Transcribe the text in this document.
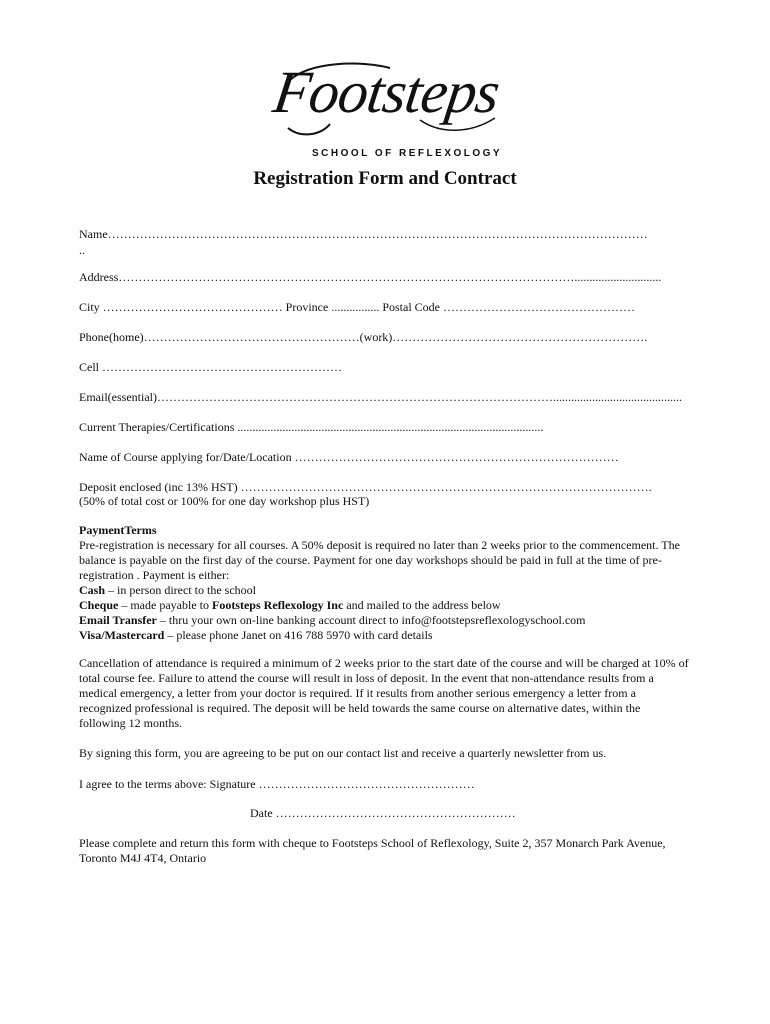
Footsteps
SCHOOL OF REFLEXOLOGY
Registration Form and Contract
Name………………………………………………………………………………………………………………………
..
Address…………………………………………………………………………………………………….............................
City ……………………………………… Province ................ Postal Code …………………………………………
Phone(home)………………………………………………(work)……………………………………………………….
Cell ……………………………………………………
Email(essential)………………………………………………………………………………………...........................................
Current Therapies/Certifications ......................................................................................................
Name of Course applying for/Date/Location ………………………………………………………………………
Deposit enclosed (inc 13% HST) ………………………………………………………………………………………….
(50% of total cost or 100% for one day workshop plus HST)

PaymentTerms

Pre-registration is necessary for all courses. A 50% deposit is required no later than 2 weeks prior to the commencement. The balance is payable on the first day of the course. Payment for one day workshops should be paid in full at the time of pre-registration . Payment is either:

Cash – in person direct to the school

Cheque – made payable to Footsteps Reflexology Inc and mailed to the address below

Email Transfer – thru your own on-line banking account direct to info@footstepsreflexologyschool.com

Visa/Mastercard – please phone Janet on 416 788 5970 with card details

Cancellation of attendance is required a minimum of 2 weeks prior to the start date of the course and will be charged at 10% of total course fee. Failure to attend the course will result in loss of deposit. In the event that non-attendance results from a medical emergency, a letter from your doctor is required. If it results from another serious emergency a letter from a recognized professional is required. The deposit will be held towards the same course on alternative dates, within the following 12 months.
By signing this form, you are agreeing to be put on our contact list and receive a quarterly newsletter from us.
I agree to the terms above: Signature ………………………………………………
Date ……………………………………………………
Please complete and return this form with cheque to Footsteps School of Reflexology, Suite 2, 357 Monarch Park Avenue, Toronto M4J 4T4, Ontario
